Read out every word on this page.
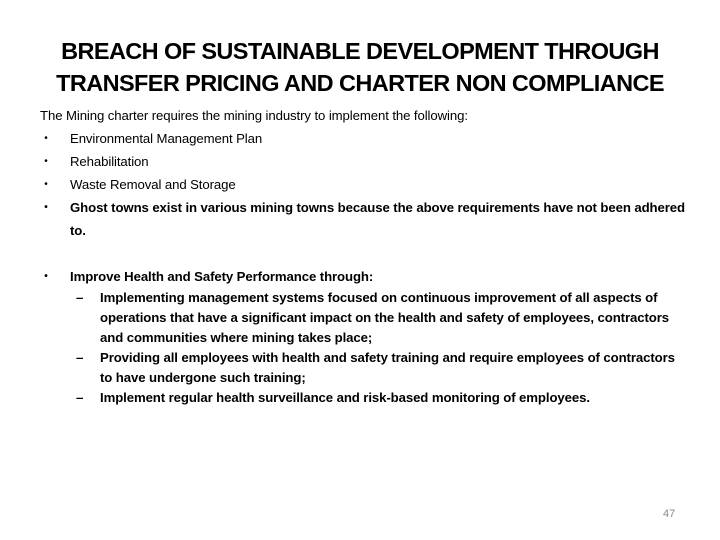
BREACH OF SUSTAINABLE DEVELOPMENT THROUGH
TRANSFER PRICING AND CHARTER NON COMPLIANCE
The Mining charter requires the mining industry to implement the following:
•	Environmental Management Plan
•	Rehabilitation
•	Waste Removal and Storage
•	Ghost towns exist in various mining towns because the above requirements have not been adhered to.
•	Improve Health and Safety Performance through:
– Implementing management systems focused on continuous improvement of all aspects of operations that have a significant impact on the health and safety of employees, contractors and communities where mining takes place;
– Providing all employees with health and safety training and require employees of contractors to have undergone such training;
– Implement regular health surveillance and risk-based monitoring of employees.
47
